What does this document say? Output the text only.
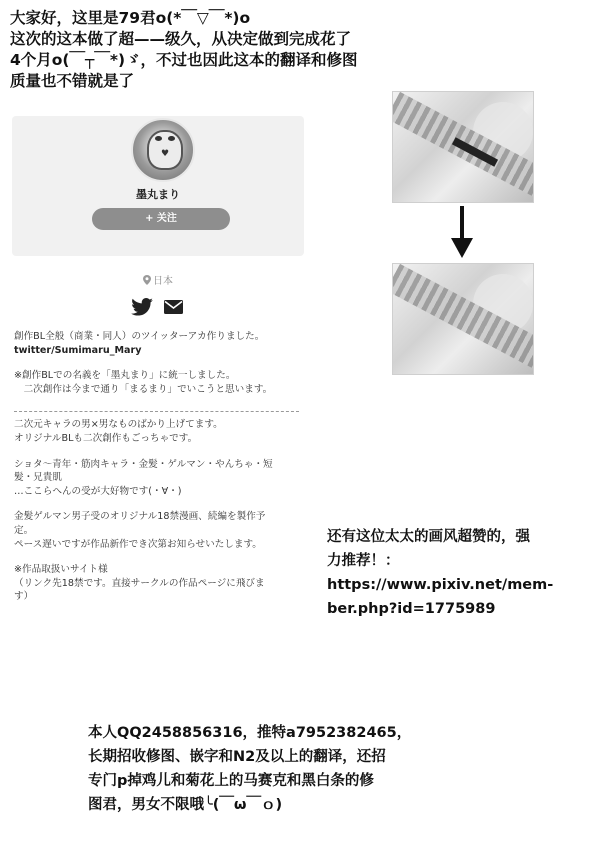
大家好，这里是79君o(*￣▽￣*)o
这次的这本做了超——级久，从决定做到完成花了
4个月o(￣┬￣*)ゞ，不过也因此这本的翻译和修图
质量也不错就是了
♥
墨丸まり
+ 关注
日本
創作BL全般（商業・同人）のツイッターアカ作りました。
twitter/Sumimaru_Mary
※創作BLでの名義を「墨丸まり」に統一しました。
　二次創作は今まで通り「まるまり」でいこうと思います。
二次元キャラの男×男なものばかり上げてます。
オリジナルBLも二次創作もごっちゃです。
ショタ～青年・筋肉キャラ・金髪・ゲルマン・やんちゃ・短
髪・兄貴肌
…ここらへんの受が大好物です(・∀・)
金髪ゲルマン男子受のオリジナル18禁漫画、続編を製作予
定。
ペース遅いですが作品新作でき次第お知らせいたします。
※作品取扱いサイト様
（リンク先18禁です。直接サークルの作品ページに飛びま
す）
还有这位太太的画风超赞的，强
力推荐！：
https://www.pixiv.net/mem-
ber.php?id=1775989
本人QQ2458856316，推特a7952382465，
长期招收修图、嵌字和N2及以上的翻译，还招
专门p掉鸡儿和菊花上的马赛克和黑白条的修
图君，男女不限哦╰(￣ω￣ｏ)
